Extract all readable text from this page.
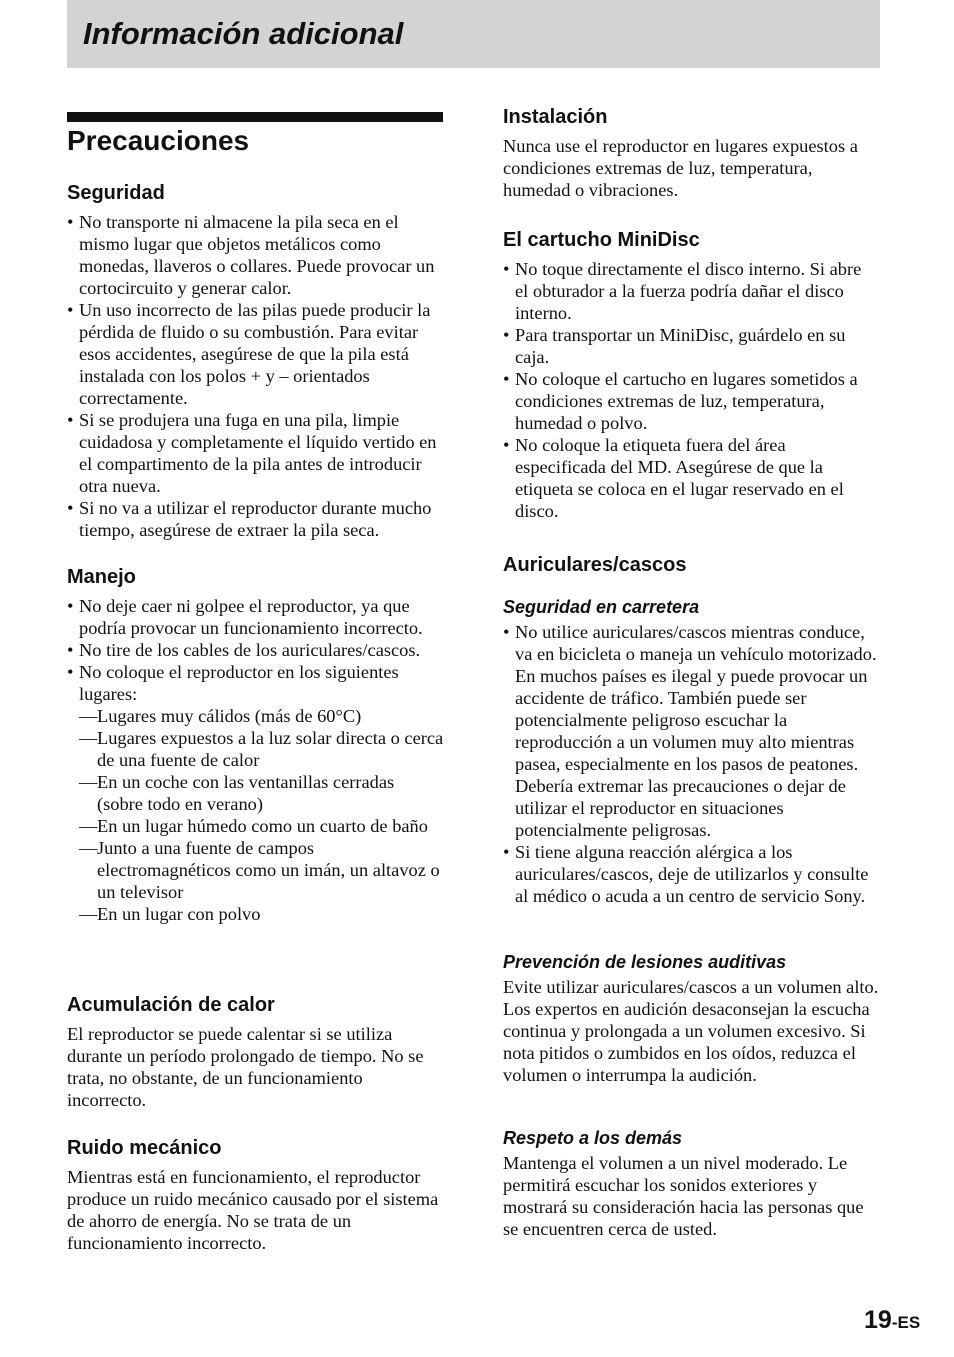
Información adicional
Precauciones
Seguridad
• No transporte ni almacene la pila seca en el mismo lugar que objetos metálicos como monedas, llaveros o collares. Puede provocar un cortocircuito y generar calor.
• Un uso incorrecto de las pilas puede producir la pérdida de fluido o su combustión. Para evitar esos accidentes, asegúrese de que la pila está instalada con los polos + y – orientados correctamente.
• Si se produjera una fuga en una pila, limpie cuidadosa y completamente el líquido vertido en el compartimento de la pila antes de introducir otra nueva.
• Si no va a utilizar el reproductor durante mucho tiempo, asegúrese de extraer la pila seca.
Manejo
• No deje caer ni golpee el reproductor, ya que podría provocar un funcionamiento incorrecto.
• No tire de los cables de los auriculares/cascos.
• No coloque el reproductor en los siguientes lugares:
— Lugares muy cálidos (más de 60°C)
— Lugares expuestos a la luz solar directa o cerca de una fuente de calor
— En un coche con las ventanillas cerradas (sobre todo en verano)
— En un lugar húmedo como un cuarto de baño
— Junto a una fuente de campos electromagnéticos como un imán, un altavoz o un televisor
— En un lugar con polvo
Acumulación de calor

El reproductor se puede calentar si se utiliza durante un período prolongado de tiempo. No se trata, no obstante, de un funcionamiento incorrecto.

Ruido mecánico

Mientras está en funcionamiento, el reproductor produce un ruido mecánico causado por el sistema de ahorro de energía. No se trata de un funcionamiento incorrecto.

Instalación

Nunca use el reproductor en lugares expuestos a condiciones extremas de luz, temperatura, humedad o vibraciones.

El cartucho MiniDisc
• No toque directamente el disco interno. Si abre el obturador a la fuerza podría dañar el disco interno.
• Para transportar un MiniDisc, guárdelo en su caja.
• No coloque el cartucho en lugares sometidos a condiciones extremas de luz, temperatura, humedad o polvo.
• No coloque la etiqueta fuera del área especificada del MD. Asegúrese de que la etiqueta se coloca en el lugar reservado en el disco.
Auriculares/cascos
Seguridad en carretera
• No utilice auriculares/cascos mientras conduce, va en bicicleta o maneja un vehículo motorizado. En muchos países es ilegal y puede provocar un accidente de tráfico. También puede ser potencialmente peligroso escuchar la reproducción a un volumen muy alto mientras pasea, especialmente en los pasos de peatones. Debería extremar las precauciones o dejar de utilizar el reproductor en situaciones potencialmente peligrosas.
• Si tiene alguna reacción alérgica a los auriculares/cascos, deje de utilizarlos y consulte al médico o acuda a un centro de servicio Sony.
Prevención de lesiones auditivas

Evite utilizar auriculares/cascos a un volumen alto. Los expertos en audición desaconsejan la escucha continua y prolongada a un volumen excesivo. Si nota pitidos o zumbidos en los oídos, reduzca el volumen o interrumpa la audición.

Respeto a los demás

Mantenga el volumen a un nivel moderado. Le permitirá escuchar los sonidos exteriores y mostrará su consideración hacia las personas que se encuentren cerca de usted.

19-ES
